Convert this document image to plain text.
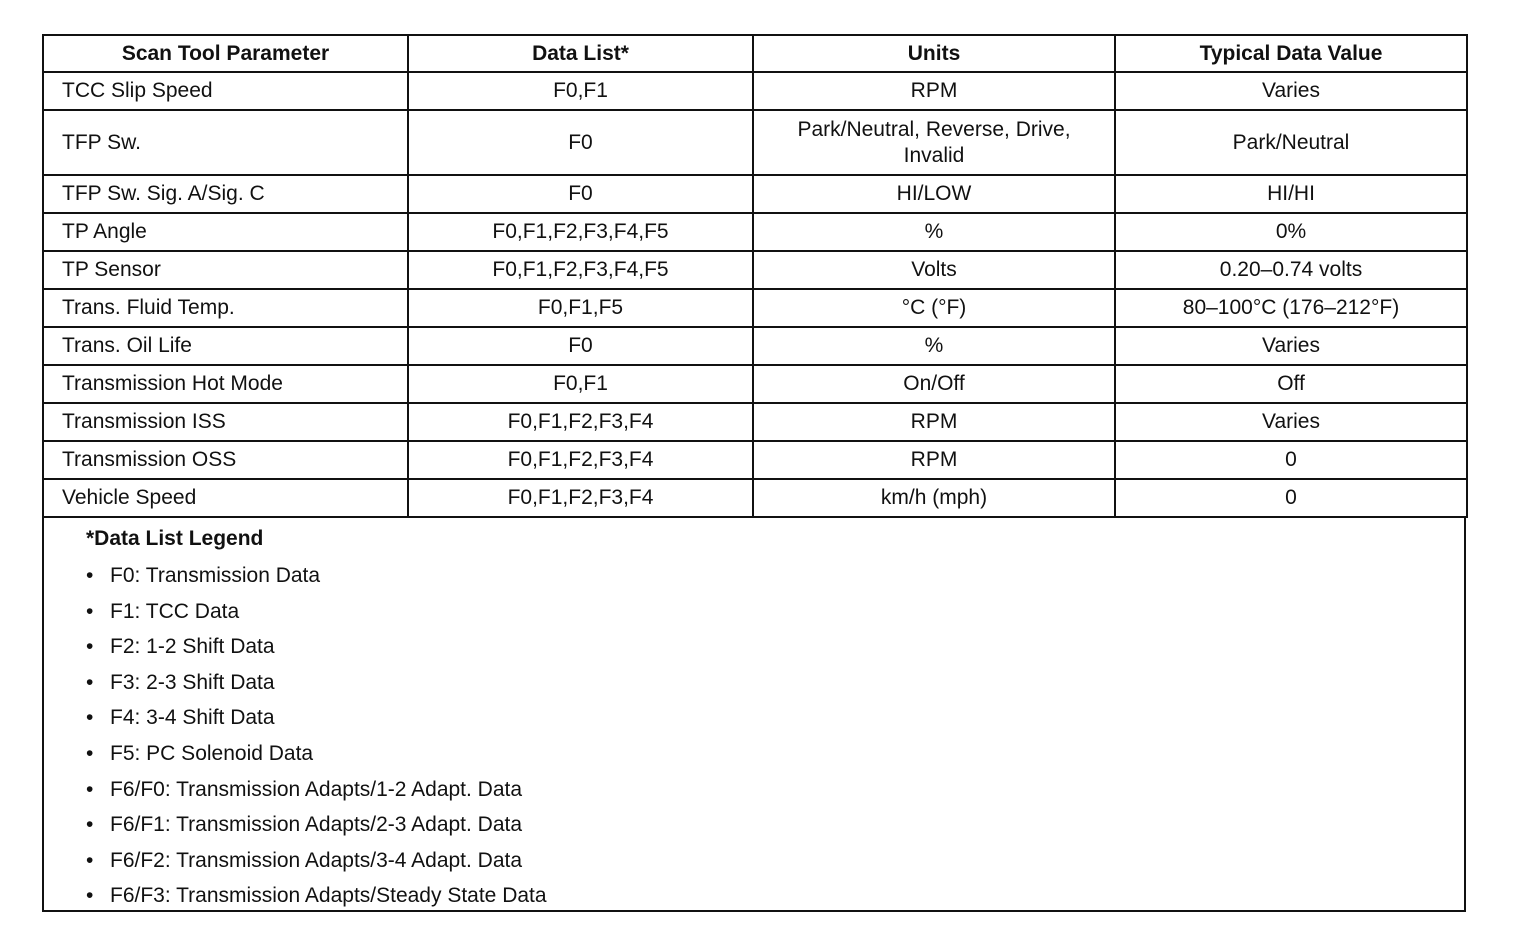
Scan Tool Parameter	Data List*	Units	Typical Data Value
TCC Slip Speed	F0,F1	RPM	Varies
TFP Sw.	F0	Park/Neutral, Reverse, Drive, Invalid	Park/Neutral
TFP Sw. Sig. A/Sig. C	F0	HI/LOW	HI/HI
TP Angle	F0,F1,F2,F3,F4,F5	%	0%
TP Sensor	F0,F1,F2,F3,F4,F5	Volts	0.20–0.74 volts
Trans. Fluid Temp.	F0,F1,F5	°C (°F)	80–100°C (176–212°F)
Trans. Oil Life	F0	%	Varies
Transmission Hot Mode	F0,F1	On/Off	Off
Transmission ISS	F0,F1,F2,F3,F4	RPM	Varies
Transmission OSS	F0,F1,F2,F3,F4	RPM	0
Vehicle Speed	F0,F1,F2,F3,F4	km/h (mph)	0
*Data List Legend
• F0: Transmission Data
• F1: TCC Data
• F2: 1-2 Shift Data
• F3: 2-3 Shift Data
• F4: 3-4 Shift Data
• F5: PC Solenoid Data
• F6/F0: Transmission Adapts/1-2 Adapt. Data
• F6/F1: Transmission Adapts/2-3 Adapt. Data
• F6/F2: Transmission Adapts/3-4 Adapt. Data
• F6/F3: Transmission Adapts/Steady State Data
